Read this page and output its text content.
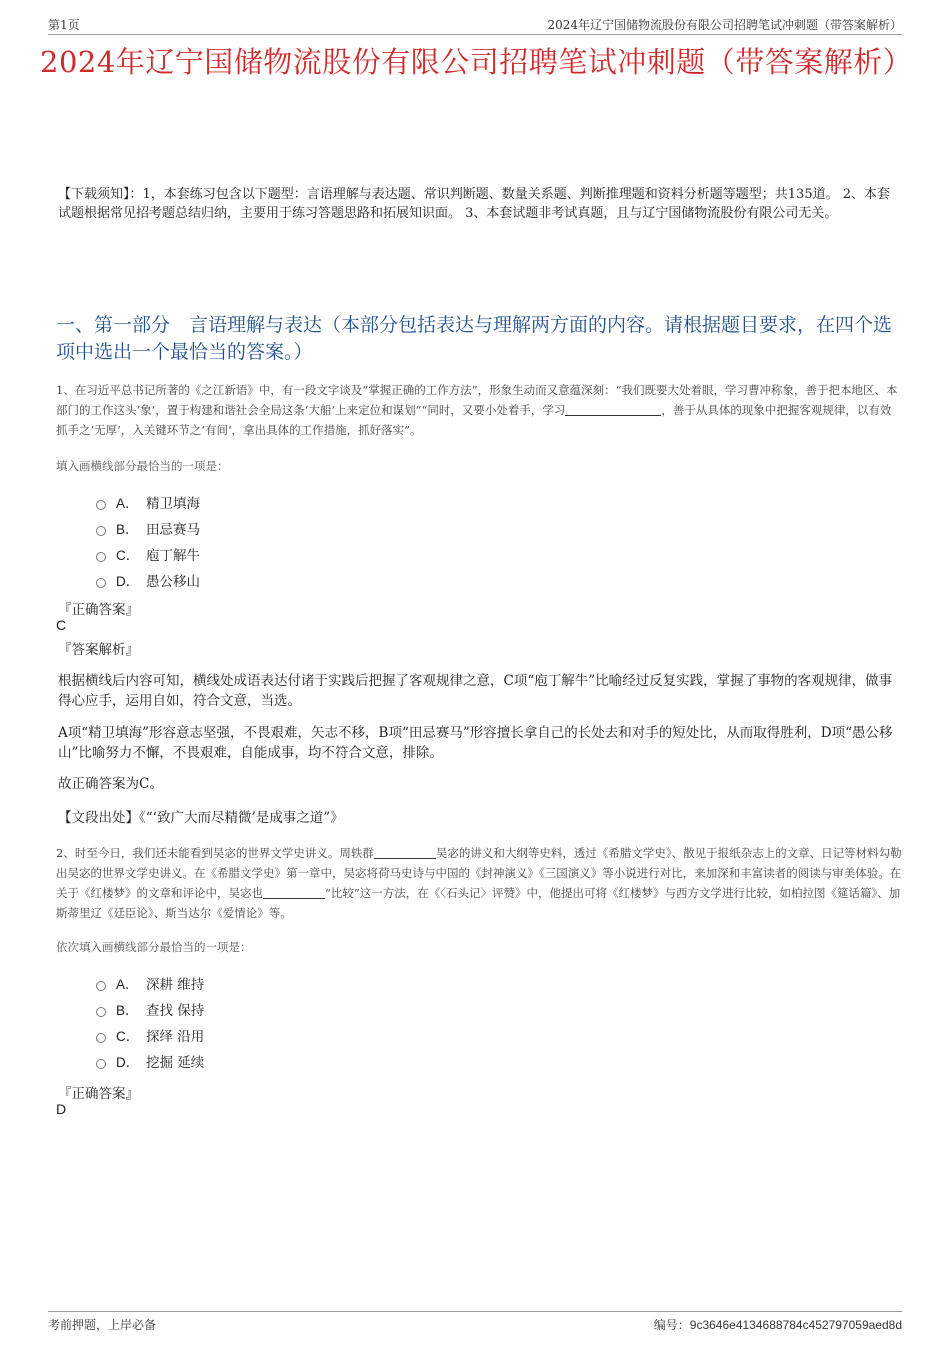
第1页	2024年辽宁国储物流股份有限公司招聘笔试冲刺题（带答案解析）
2024年辽宁国储物流股份有限公司招聘笔试冲刺题（带答案解析）
【下载须知】：1，本套练习包含以下题型：言语理解与表达题、常识判断题、数量关系题、判断推理题和资料分析题等题型；共135道。 2、本套试题根据常见招考题总结归纳，主要用于练习答题思路和拓展知识面。 3、本套试题非考试真题，且与辽宁国储物流股份有限公司无关。
一、第一部分　言语理解与表达（本部分包括表达与理解两方面的内容。请根据题目要求，在四个选项中选出一个最恰当的答案。）
1、在习近平总书记所著的《之江新语》中，有一段文字谈及“掌握正确的工作方法”，形象生动而又意蕴深刻：“我们既要大处着眼，学习曹冲称象，善于把本地区、本部门的工作这头‘象’，置于构建和谐社会全局这条‘大船’上来定位和谋划”“同时，又要小处着手，学习	，善于从具体的现象中把握客观规律，以有效抓手之‘无厚’，入关键环节之‘有间’，拿出具体的工作措施，抓好落实”。
填入画横线部分最恰当的一项是：
A． 精卫填海
B． 田忌赛马
C． 庖丁解牛
D． 愚公移山
『正确答案』
C
『答案解析』
根据横线后内容可知，横线处成语表达付诸于实践后把握了客观规律之意，C项“庖丁解牛”比喻经过反复实践，掌握了事物的客观规律，做事得心应手，运用自如，符合文意，当选。
A项“精卫填海”形容意志坚强，不畏艰难，矢志不移，B项“田忌赛马”形容擅长拿自己的长处去和对手的短处比，从而取得胜利，D项“愚公移山”比喻努力不懈，不畏艰难，自能成事，均不符合文意，排除。
故正确答案为C。
【文段出处】《“‘致广大而尽精微’是成事之道”》
2、时至今日，我们还未能看到吴宓的世界文学史讲义。周轶群	吴宓的讲义和大纲等史料，透过《希腊文学史》、散见于报纸杂志上的文章、日记等材料勾勒出吴宓的世界文学史讲义。在《希腊文学史》第一章中，吴宓将荷马史诗与中国的《封神演义》《三国演义》等小说进行对比，来加深和丰富读者的阅读与审美体验。在关于《红楼梦》的文章和评论中，吴宓也	“比较”这一方法，在《〈石头记〉评赞》中，他提出可将《红楼梦》与西方文学进行比较，如柏拉图《筵话篇》、加斯蒂里辽《廷臣论》、斯当达尔《爱情论》等。
依次填入画横线部分最恰当的一项是：
A． 深耕 维持
B． 查找 保持
C． 探绎 沿用
D． 挖掘 延续
『正确答案』
D
考前押题，上岸必备	编号：9c3646e4134688784c452797059aed8d
